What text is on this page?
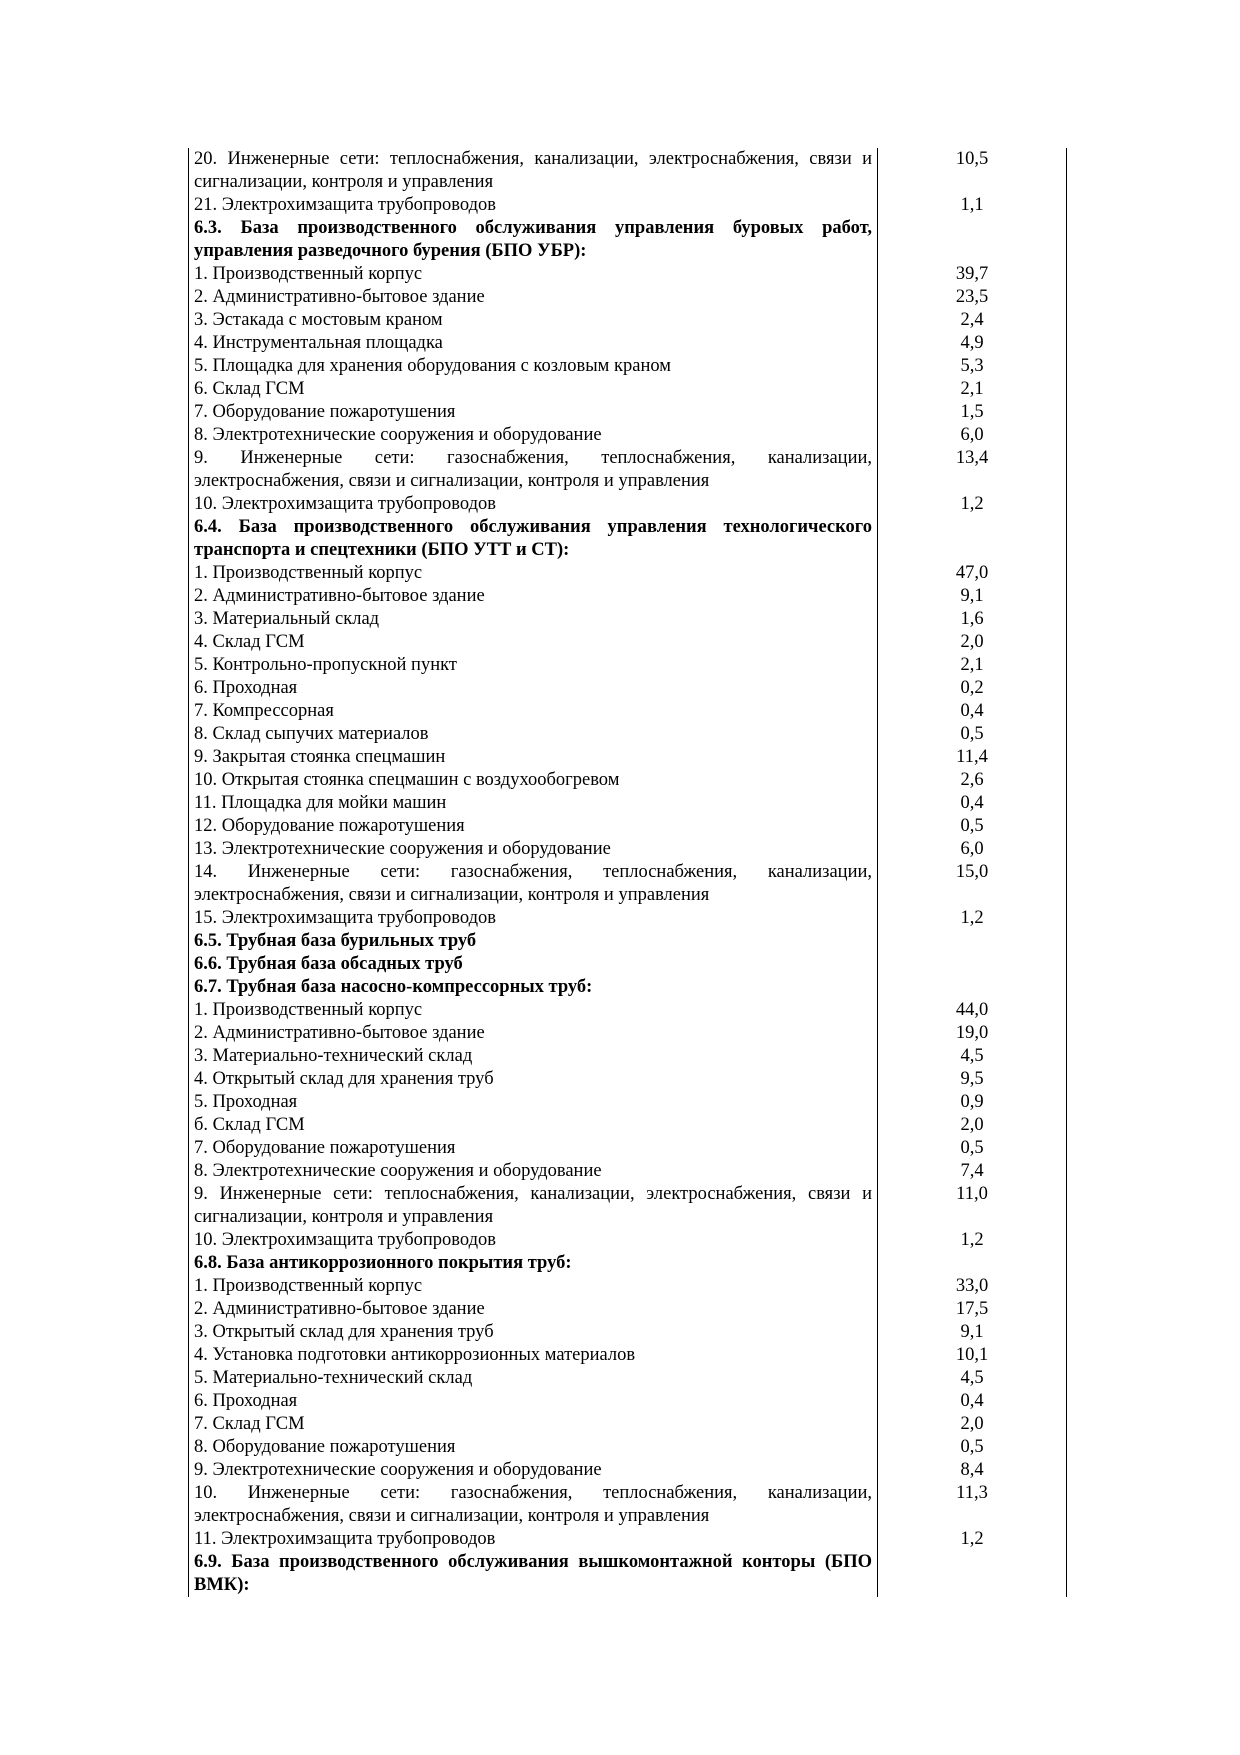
20. Инженерные сети: теплоснабжения, канализации, электроснабжения, связи и сигнализации, контроля и управления	10,5
21. Электрохимзащита трубопроводов	1,1
6.3. База производственного обслуживания управления буровых работ, управления разведочного бурения (БПО УБР):	
1. Производственный корпус	39,7
2. Административно-бытовое здание	23,5
3. Эстакада с мостовым краном	2,4
4. Инструментальная площадка	4,9
5. Площадка для хранения оборудования с козловым краном	5,3
6. Склад ГСМ	2,1
7. Оборудование пожаротушения	1,5
8. Электротехнические сооружения и оборудование	6,0
9. Инженерные сети: газоснабжения, теплоснабжения, канализации, электроснабжения, связи и сигнализации, контроля и управления	13,4
10. Электрохимзащита трубопроводов	1,2
6.4. База производственного обслуживания управления технологического транспорта и спецтехники (БПО УТТ и СТ):	
1. Производственный корпус	47,0
2. Административно-бытовое здание	9,1
3. Материальный склад	1,6
4. Склад ГСМ	2,0
5. Контрольно-пропускной пункт	2,1
6. Проходная	0,2
7. Компрессорная	0,4
8. Склад сыпучих материалов	0,5
9. Закрытая стоянка спецмашин	11,4
10. Открытая стоянка спецмашин с воздухообогревом	2,6
11. Площадка для мойки машин	0,4
12. Оборудование пожаротушения	0,5
13. Электротехнические сооружения и оборудование	6,0
14. Инженерные сети: газоснабжения, теплоснабжения, канализации, электроснабжения, связи и сигнализации, контроля и управления	15,0
15. Электрохимзащита трубопроводов	1,2
6.5. Трубная база бурильных труб	
6.6. Трубная база обсадных труб	
6.7. Трубная база насосно-компрессорных труб:	
1. Производственный корпус	44,0
2. Административно-бытовое здание	19,0
3. Материально-технический склад	4,5
4. Открытый склад для хранения труб	9,5
5. Проходная	0,9
б. Склад ГСМ	2,0
7. Оборудование пожаротушения	0,5
8. Электротехнические сооружения и оборудование	7,4
9. Инженерные сети: теплоснабжения, канализации, электроснабжения, связи и сигнализации, контроля и управления	11,0
10. Электрохимзащита трубопроводов	1,2
6.8. База антикоррозионного покрытия труб:	
1. Производственный корпус	33,0
2. Административно-бытовое здание	17,5
3. Открытый склад для хранения труб	9,1
4. Установка подготовки антикоррозионных материалов	10,1
5. Материально-технический склад	4,5
6. Проходная	0,4
7. Склад ГСМ	2,0
8. Оборудование пожаротушения	0,5
9. Электротехнические сооружения и оборудование	8,4
10. Инженерные сети: газоснабжения, теплоснабжения, канализации, электроснабжения, связи и сигнализации, контроля и управления	11,3
11. Электрохимзащита трубопроводов	1,2
6.9. База производственного обслуживания вышкомонтажной конторы (БПО ВМК):	
